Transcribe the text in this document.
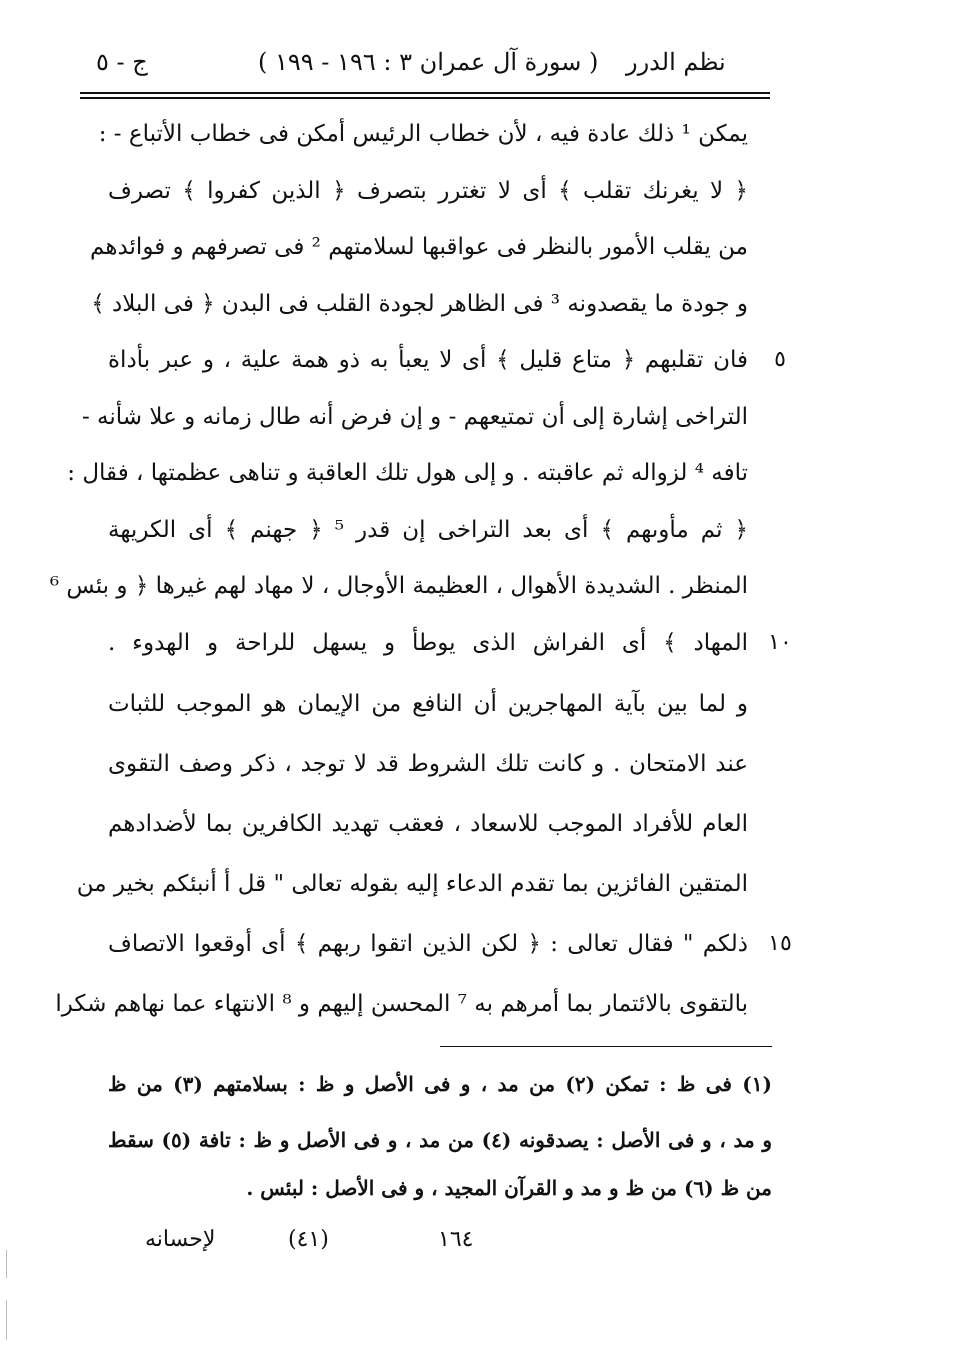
ج - ٥	( سورة آل عمران ٣ : ١٩٦ - ١٩٩ ) نظم الدرر
يمكن ¹ ذلك عادة فيه ، لأن خطاب الرئيس أمكن فى خطاب الأتباع - :
﴿ لا يغرنك تقلب ﴾ أى لا تغترر بتصرف ﴿ الذين كفروا ﴾ تصرف
من يقلب الأمور بالنظر فى عواقبها لسلامتهم ² فى تصرفهم و فوائدهم
و جودة ما يقصدونه ³ فى الظاهر لجودة القلب فى البدن ﴿ فى البلاد ﴾
فان تقلبهم ﴿ متاع قليل ﴾ أى لا يعبأ به ذو همة علية ، و عبر بأداة	٥
التراخى إشارة إلى أن تمتيعهم - و إن فرض أنه طال زمانه و علا شأنه -
تافه ⁴ لزواله ثم عاقبته . و إلى هول تلك العاقبة و تناهى عظمتها ، فقال :
﴿ ثم مأوىهم ﴾ أى بعد التراخى إن قدر ⁵ ﴿ جهنم ﴾ أى الكريهة
المنظر . الشديدة الأهوال ، العظيمة الأوجال ، لا مهاد لهم غيرها ﴿ و بئس ⁶
المهاد ﴾ أى الفراش الذى يوطأ و يسهل للراحة و الهدوء . ١٠
و لما بين بآية المهاجرين أن النافع من الإيمان هو الموجب للثبات
عند الامتحان . و كانت تلك الشروط قد لا توجد ، ذكر وصف التقوى
العام للأفراد الموجب للاسعاد ، فعقب تهديد الكافرين بما لأضدادهم
المتقين الفائزين بما تقدم الدعاء إليه بقوله تعالى " قل أ أنبئكم بخير من
ذلكم " فقال تعالى : ﴿ لكن الذين اتقوا ربهم ﴾ أى أوقعوا الاتصاف ١٥
بالتقوى بالائتمار بما أمرهم به ⁷ المحسن إليهم و ⁸ الانتهاء عما نهاهم شكرا
(١) فى ظ : تمكن (٢) من مد ، و فى الأصل و ظ : بسلامتهم (٣) من ظ
و مد ، و فى الأصل : يصدقونه (٤) من مد ، و فى الأصل و ظ : تافة (٥) سقط
من ظ (٦) من ظ و مد و القرآن المجيد ، و فى الأصل : لبئس .
لإحسانه	(٤١)	١٦٤
